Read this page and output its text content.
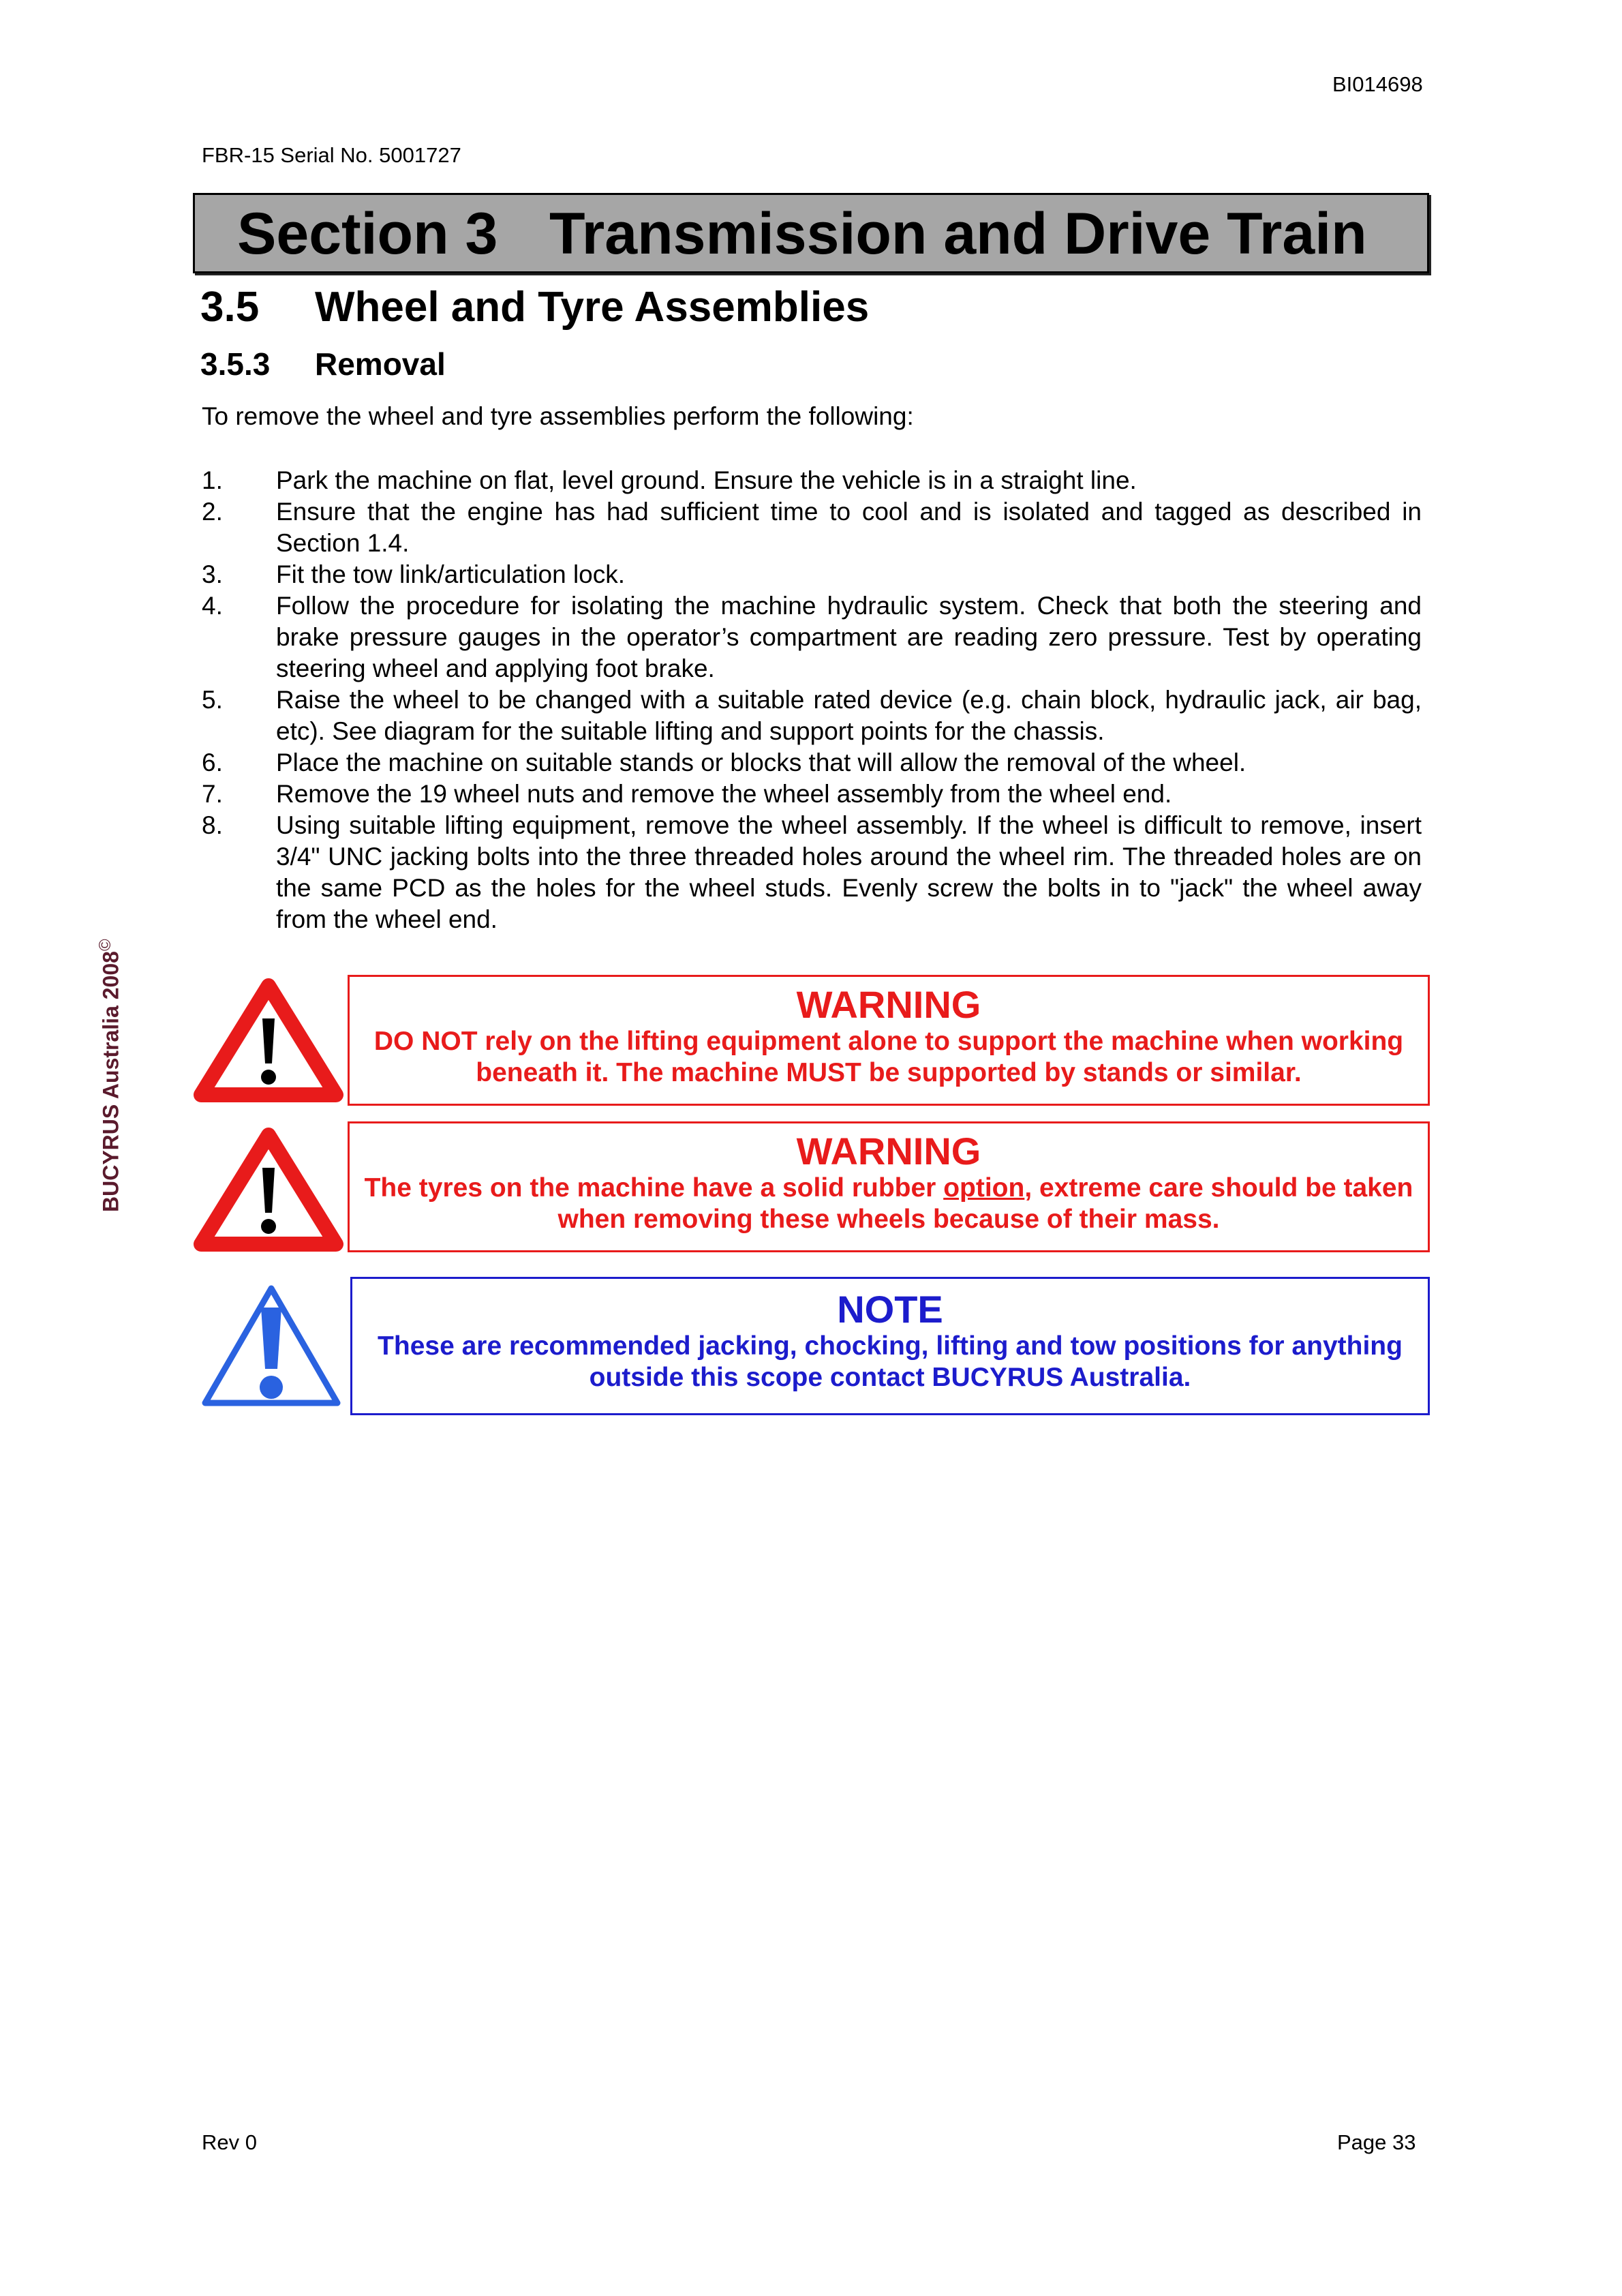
BI014698
FBR-15 Serial No. 5001727
Section 3 Transmission and Drive Train
3.5 Wheel and Tyre Assemblies
3.5.3 Removal
To remove the wheel and tyre assemblies perform the following:
1. Park the machine on flat, level ground. Ensure the vehicle is in a straight line.
2. Ensure that the engine has had sufficient time to cool and is isolated and tagged as described in Section 1.4.
3. Fit the tow link/articulation lock.
4. Follow the procedure for isolating the machine hydraulic system. Check that both the steering and brake pressure gauges in the operator’s compartment are reading zero pressure. Test by operating steering wheel and applying foot brake.
5. Raise the wheel to be changed with a suitable rated device (e.g. chain block, hydraulic jack, air bag, etc). See diagram for the suitable lifting and support points for the chassis.
6. Place the machine on suitable stands or blocks that will allow the removal of the wheel.
7. Remove the 19 wheel nuts and remove the wheel assembly from the wheel end.
8. Using suitable lifting equipment, remove the wheel assembly. If the wheel is difficult to remove, insert 3/4" UNC jacking bolts into the three threaded holes around the wheel rim. The threaded holes are on the same PCD as the holes for the wheel studs. Evenly screw the bolts in to "jack" the wheel away from the wheel end.
BUCYRUS Australia 2008©
WARNING
DO NOT rely on the lifting equipment alone to support the machine when working beneath it. The machine MUST be supported by stands or similar.
WARNING
The tyres on the machine have a solid rubber option, extreme care should be taken when removing these wheels because of their mass.
NOTE
These are recommended jacking, chocking, lifting and tow positions for anything outside this scope contact BUCYRUS Australia.
Rev 0	Page 33
